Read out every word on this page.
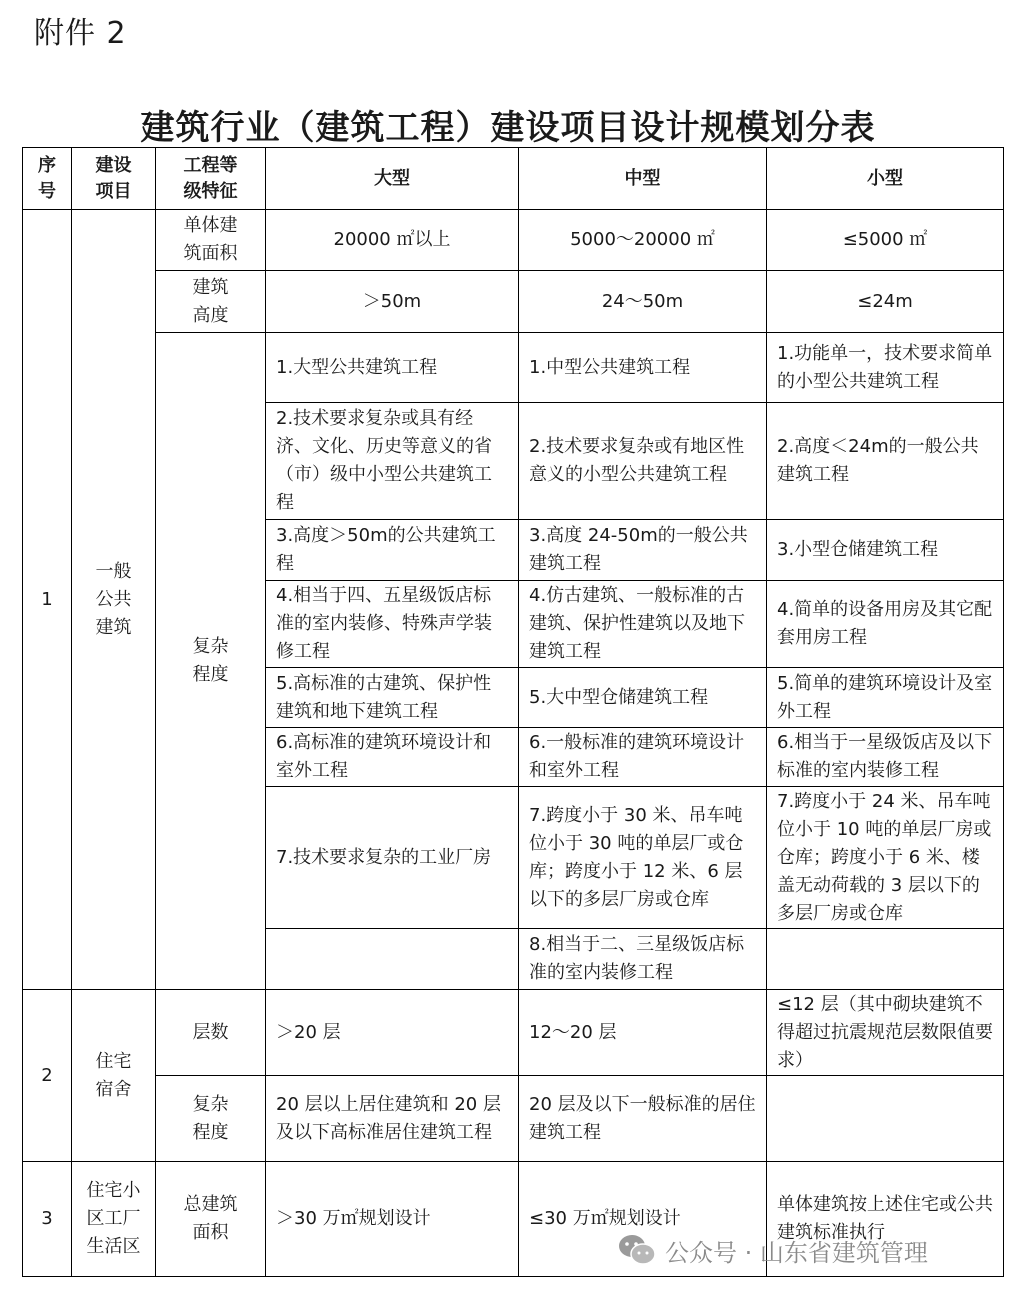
附件 2
建筑行业（建筑工程）建设项目设计规模划分表
序号	建设项目	工程等级特征	大型	中型	小型
1	一般公共建筑	单体建筑面积	20000 ㎡以上	5000～20000 ㎡	≤5000 ㎡

		建筑高度	＞50m	24～50m	≤24m

		复杂程度	1.大型公共建筑工程	1.中型公共建筑工程	1.功能单一，技术要求简单的小型公共建筑工程
			2.技术要求复杂或具有经济、文化、历史等意义的省（市）级中小型公共建筑工程	2.技术要求复杂或有地区性意义的小型公共建筑工程	2.高度＜24m的一般公共建筑工程
			3.高度＞50m的公共建筑工程	3.高度 24-50m的一般公共建筑工程	3.小型仓储建筑工程
			4.相当于四、五星级饭店标准的室内装修、特殊声学装修工程	4.仿古建筑、一般标准的古建筑、保护性建筑以及地下建筑工程	4.简单的设备用房及其它配套用房工程
			5.高标准的古建筑、保护性建筑和地下建筑工程	5.大中型仓储建筑工程	5.简单的建筑环境设计及室外工程
			6.高标准的建筑环境设计和室外工程	6.一般标准的建筑环境设计和室外工程	6.相当于一星级饭店及以下标准的室内装修工程
			7.技术要求复杂的工业厂房	7.跨度小于 30 米、吊车吨位小于 30 吨的单层厂或仓库；跨度小于 12 米、6 层以下的多层厂房或仓库	7.跨度小于 24 米、吊车吨位小于 10 吨的单层厂房或仓库；跨度小于 6 米、楼盖无动荷载的 3 层以下的多层厂房或仓库
				8.相当于二、三星级饭店标准的室内装修工程	
2	住宅宿舍	层数	＞20 层	12～20 层	≤12 层（其中砌块建筑不得超过抗震规范层数限值要求）

		复杂程度	20 层以上居住建筑和 20 层及以下高标准居住建筑工程	20 层及以下一般标准的居住建筑工程	
3	住宅小区工厂生活区	总建筑面积	＞30 万㎡规划设计	≤30 万㎡规划设计	单体建筑按上述住宅或公共建筑标准执行
公众号 · 山东省建筑管理
